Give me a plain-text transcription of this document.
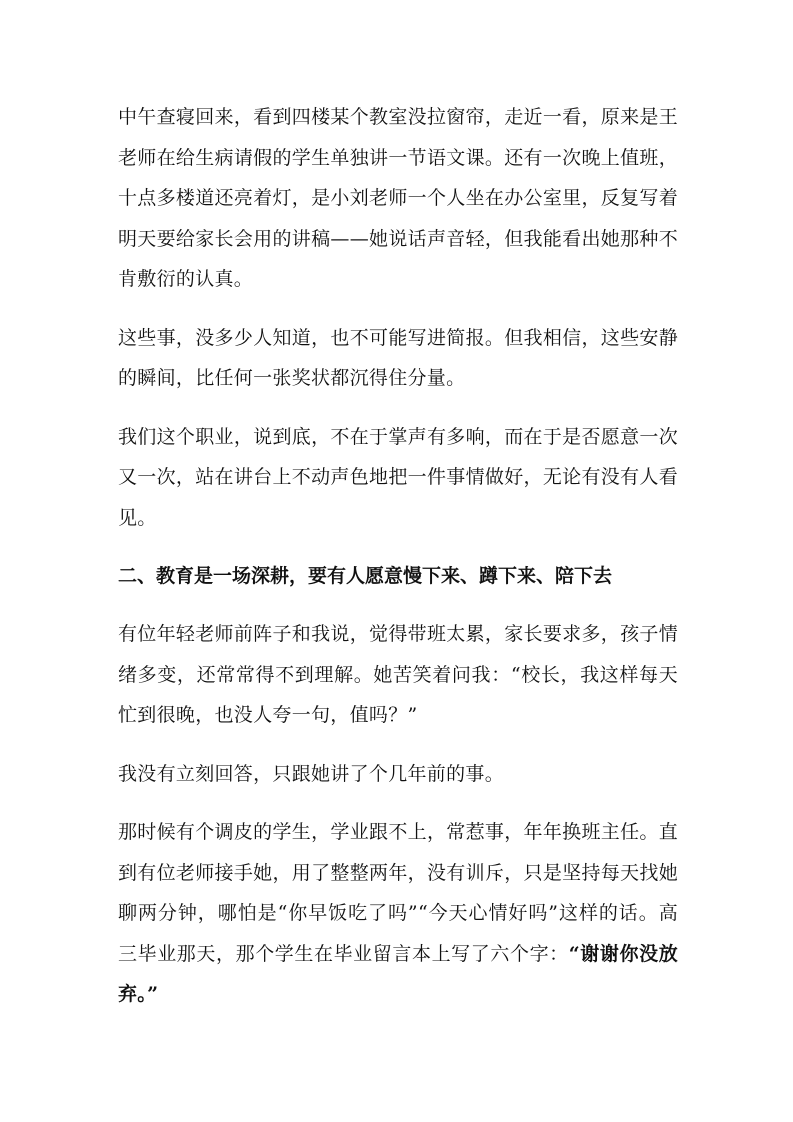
中午查寝回来，看到四楼某个教室没拉窗帘，走近一看，原来是王老师在给生病请假的学生单独讲一节语文课。还有一次晚上值班，十点多楼道还亮着灯，是小刘老师一个人坐在办公室里，反复写着明天要给家长会用的讲稿——她说话声音轻，但我能看出她那种不肯敷衍的认真。

这些事，没多少人知道，也不可能写进简报。但我相信，这些安静的瞬间，比任何一张奖状都沉得住分量。

我们这个职业，说到底，不在于掌声有多响，而在于是否愿意一次又一次，站在讲台上不动声色地把一件事情做好，无论有没有人看见。

二、教育是一场深耕，要有人愿意慢下来、蹲下来、陪下去

有位年轻老师前阵子和我说，觉得带班太累，家长要求多，孩子情绪多变，还常常得不到理解。她苦笑着问我：“校长，我这样每天忙到很晚，也没人夸一句，值吗？”

我没有立刻回答，只跟她讲了个几年前的事。

那时候有个调皮的学生，学业跟不上，常惹事，年年换班主任。直到有位老师接手她，用了整整两年，没有训斥，只是坚持每天找她聊两分钟，哪怕是“你早饭吃了吗”“今天心情好吗”这样的话。高三毕业那天，那个学生在毕业留言本上写了六个字：“谢谢你没放弃。”
